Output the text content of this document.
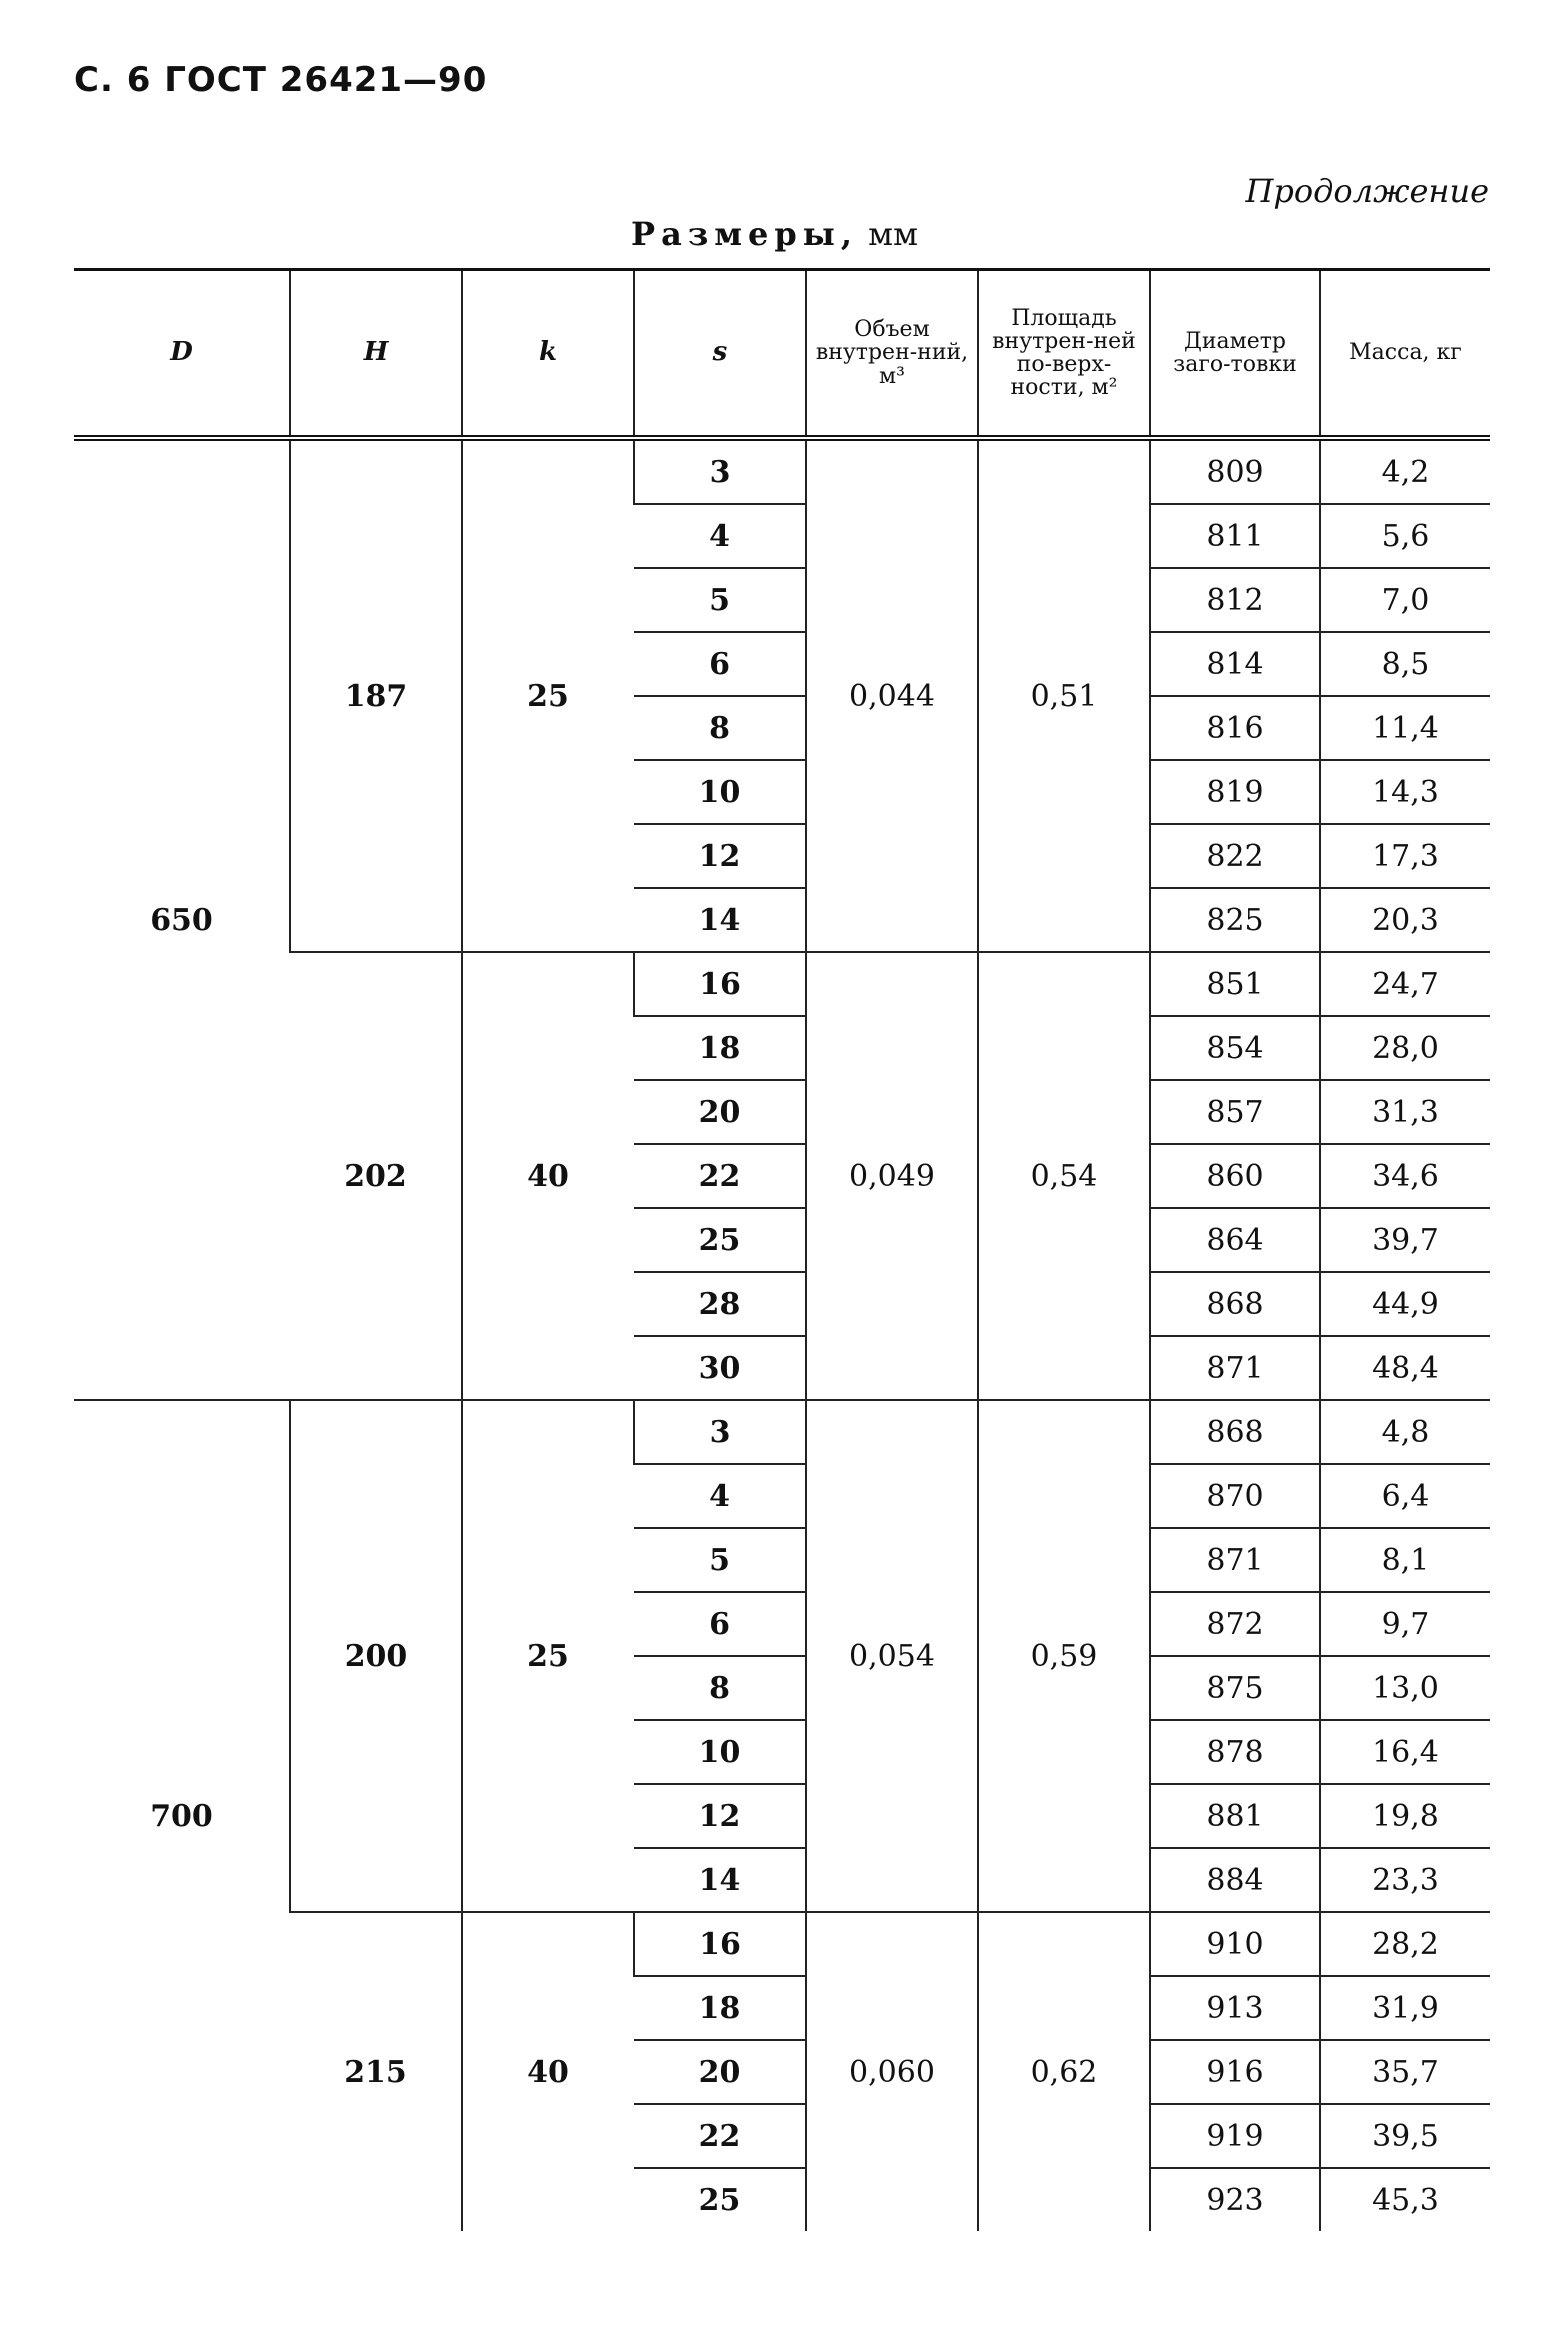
С. 6 ГОСТ 26421—90
Продолжение
Размеры, мм
D	H	k	s	Объем внутрен-ний, м³	Площадь внутрен-ней по-верх-ности, м²	Диаметр заго-товки	Масса, кг
650	187	25	3	0,044	0,51	809	4,2
			4			811	5,6
			5			812	7,0
			6			814	8,5
			8			816	11,4
			10			819	14,3
			12			822	17,3
			14			825	20,3
	202	40	16	0,049	0,54	851	24,7
			18			854	28,0
			20			857	31,3
			22			860	34,6
			25			864	39,7
			28			868	44,9
			30			871	48,4
700	200	25	3	0,054	0,59	868	4,8
			4			870	6,4
			5			871	8,1
			6			872	9,7
			8			875	13,0
			10			878	16,4
			12			881	19,8
			14			884	23,3
	215	40	16	0,060	0,62	910	28,2
			18			913	31,9
			20			916	35,7
			22			919	39,5
			25			923	45,3
